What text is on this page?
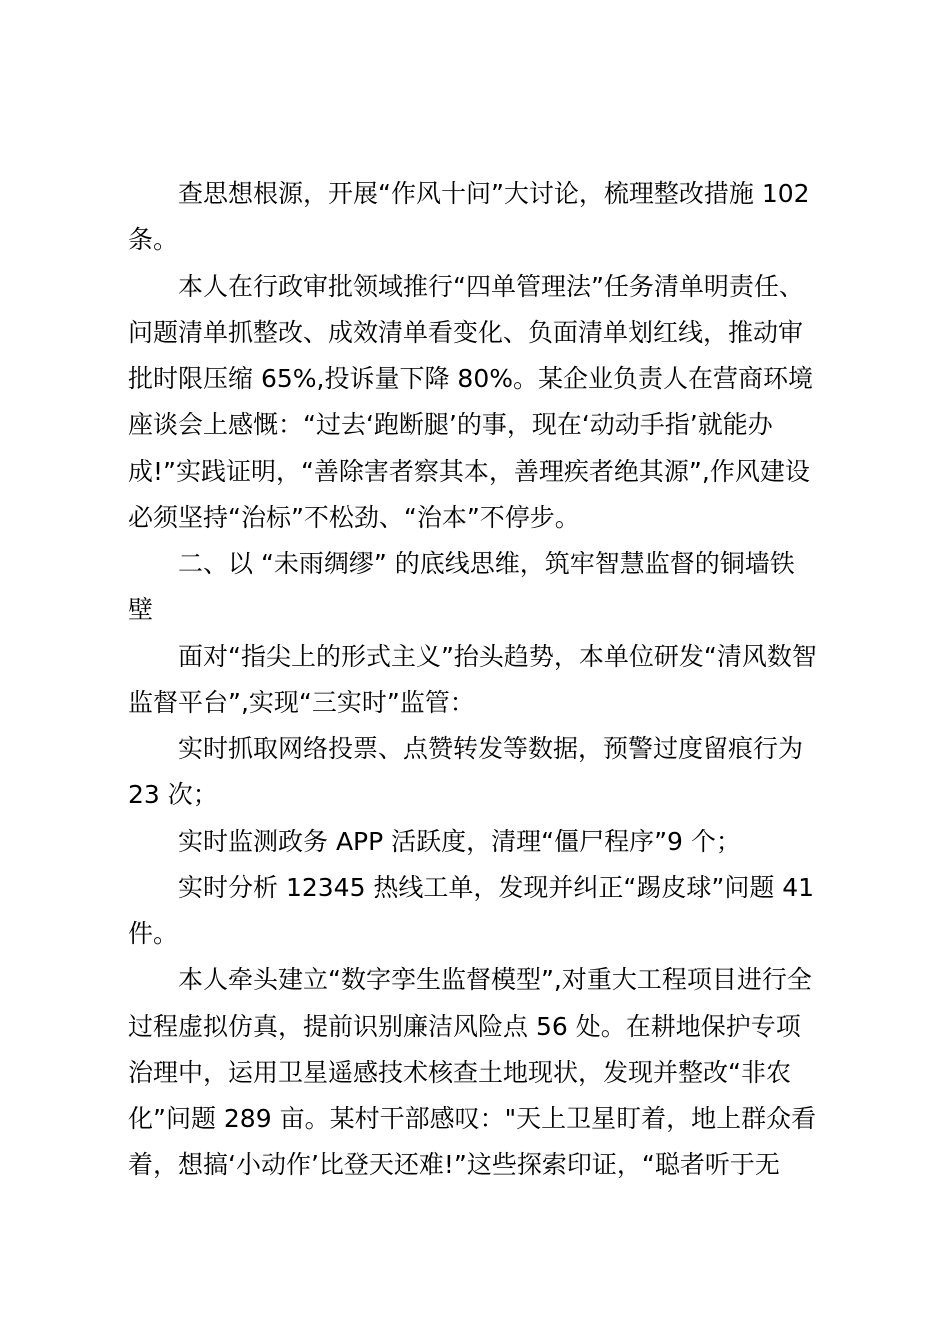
查思想根源，开展“作风十问”大讨论，梳理整改措施 102
条。
本人在行政审批领域推行“四单管理法”任务清单明责任、
问题清单抓整改、成效清单看变化、负面清单划红线，推动审
批时限压缩 65%,投诉量下降 80%。某企业负责人在营商环境
座谈会上感慨：“过去‘跑断腿’的事，现在‘动动手指’就能办
成!”实践证明，“善除害者察其本，善理疾者绝其源”,作风建设
必须坚持“治标”不松劲、“治本”不停步。
二、以 “未雨绸缪” 的底线思维，筑牢智慧监督的铜墙铁
壁
面对“指尖上的形式主义”抬头趋势，本单位研发“清风数智
监督平台”,实现“三实时”监管：
实时抓取网络投票、点赞转发等数据，预警过度留痕行为
23 次；
实时监测政务 APP 活跃度，清理“僵尸程序”9 个；
实时分析 12345 热线工单，发现并纠正“踢皮球”问题 41
件。
本人牵头建立“数字孪生监督模型”,对重大工程项目进行全
过程虚拟仿真，提前识别廉洁风险点 56 处。在耕地保护专项
治理中，运用卫星遥感技术核查土地现状，发现并整改“非农
化”问题 289 亩。某村干部感叹："天上卫星盯着，地上群众看
着，想搞‘小动作’比登天还难!”这些探索印证，“聪者听于无
